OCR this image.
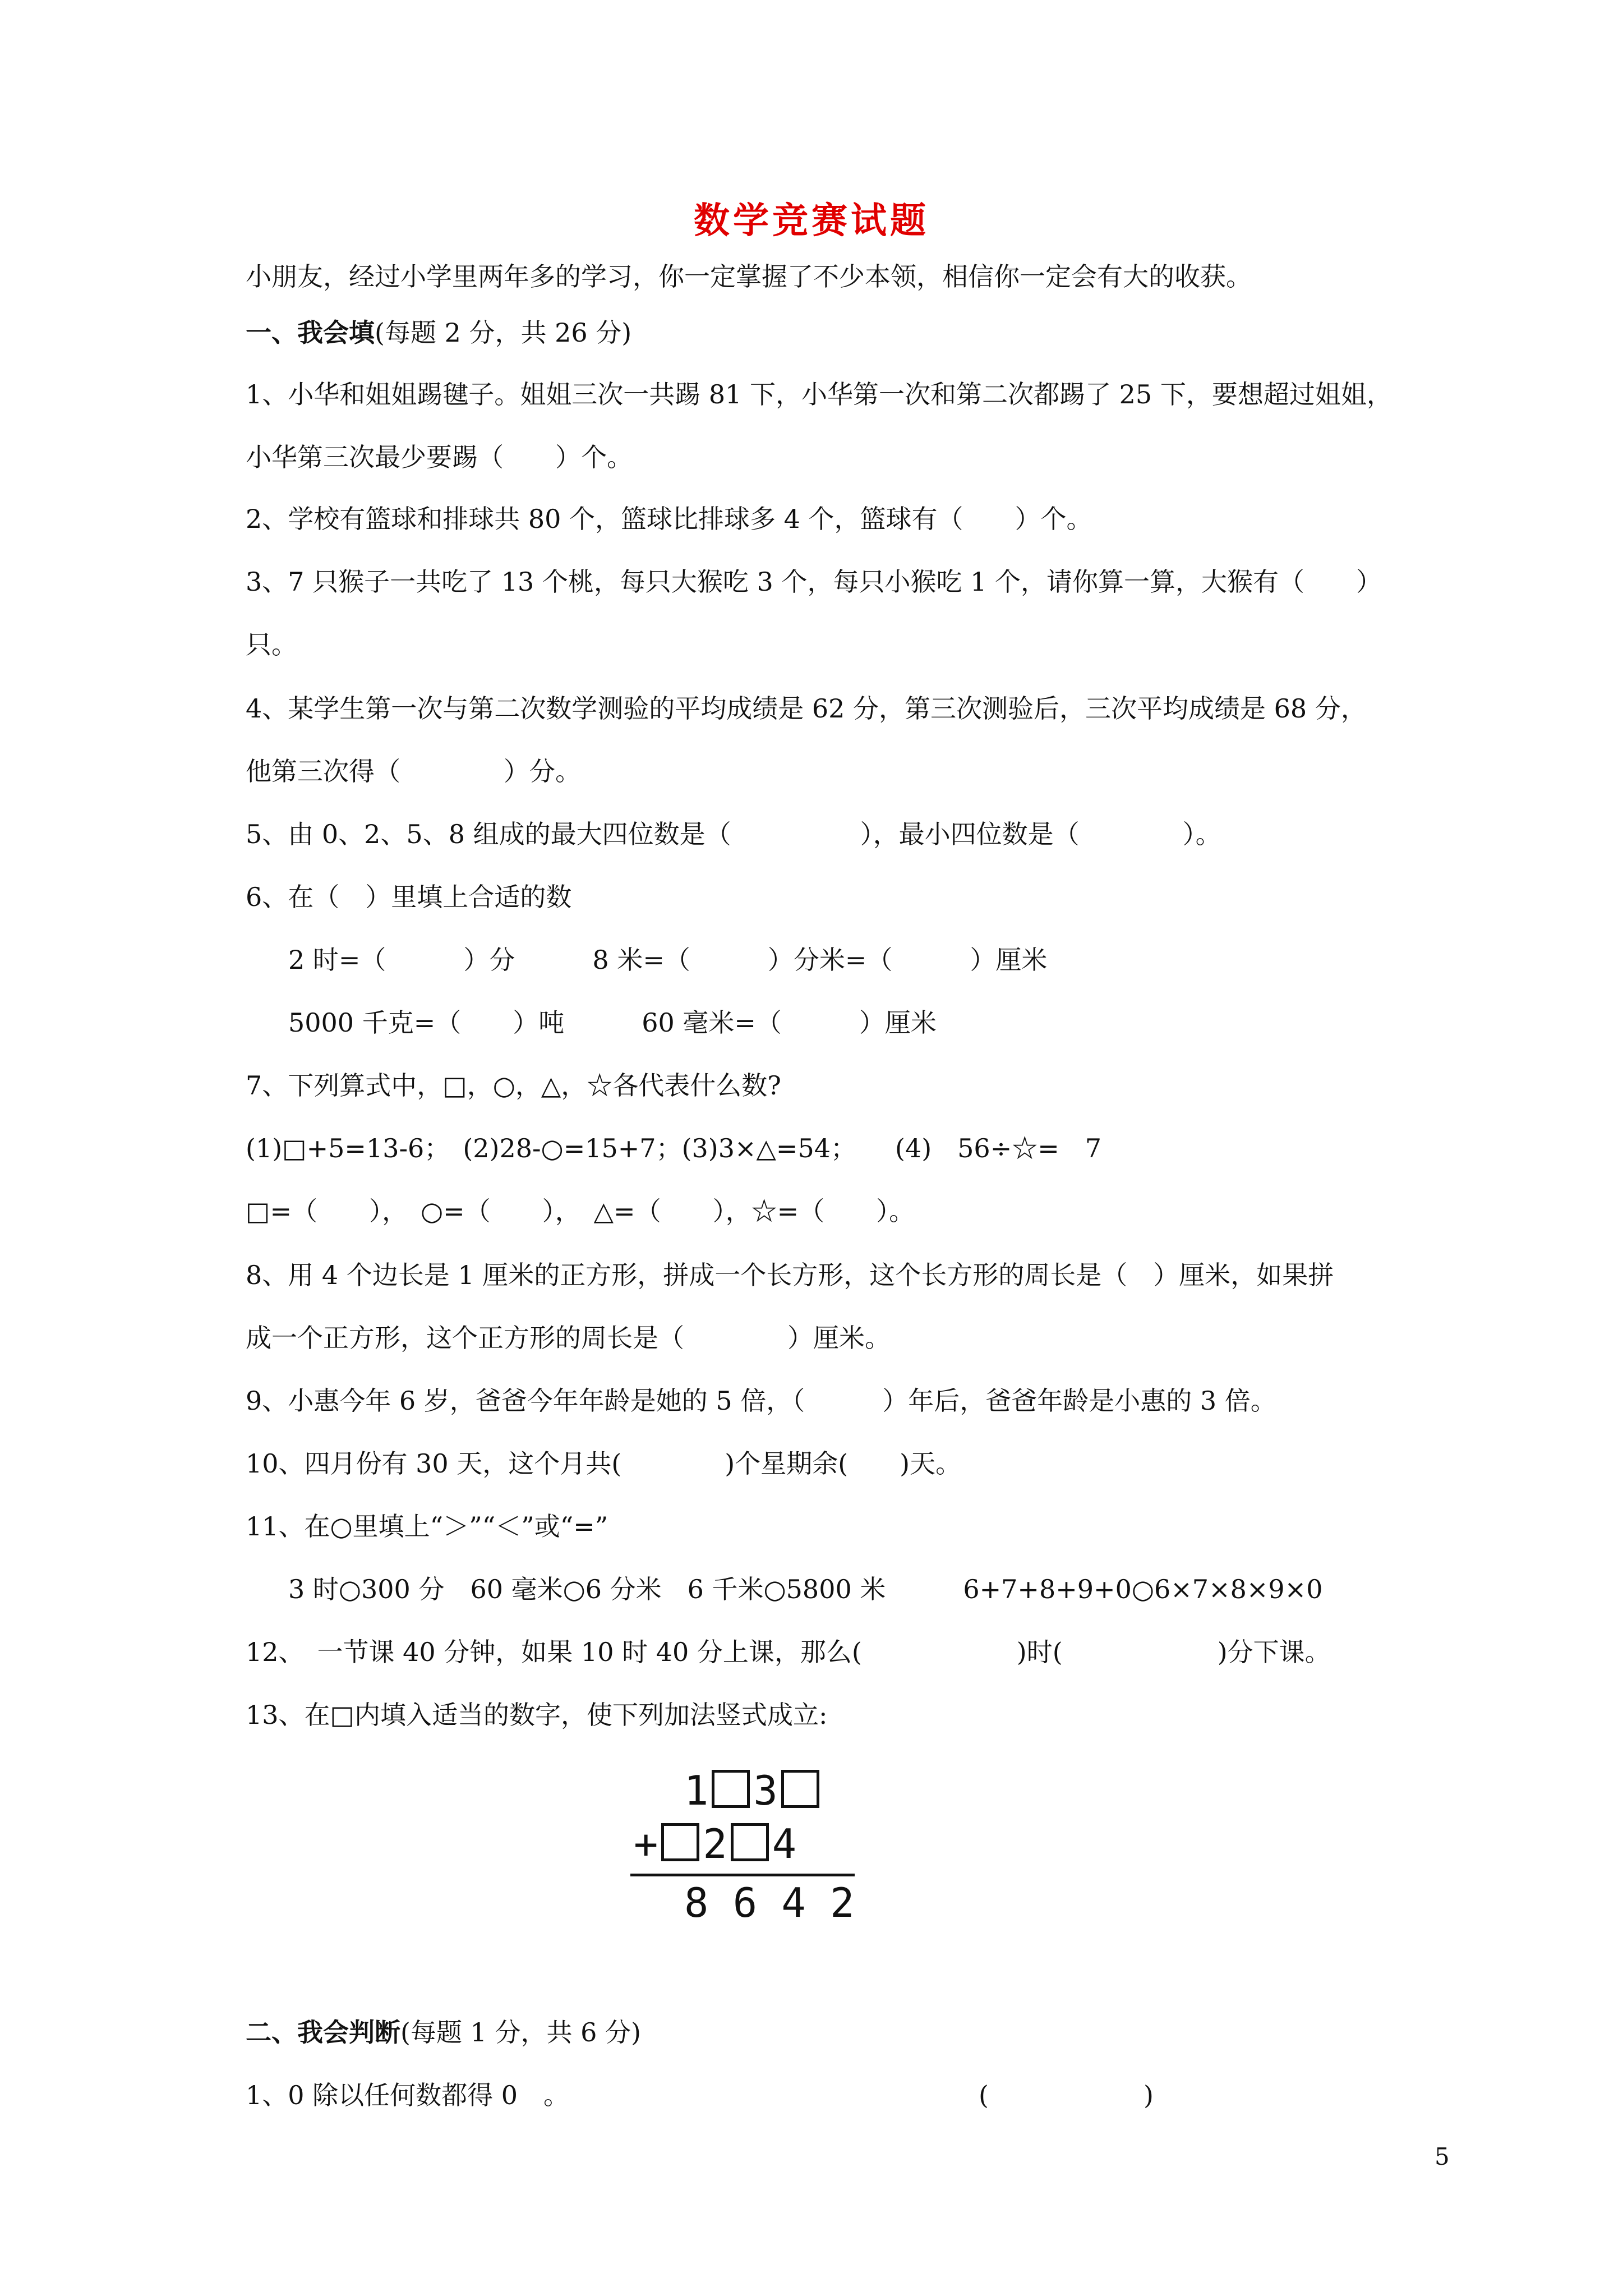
数学竞赛试题
小朋友，经过小学里两年多的学习，你一定掌握了不少本领，相信你一定会有大的收获。
一、我会填(每题 2 分，共 26 分)
1、小华和姐姐踢毽子。姐姐三次一共踢 81 下，小华第一次和第二次都踢了 25 下，要想超过姐姐，
小华第三次最少要踢（　　）个。
2、学校有篮球和排球共 80 个，篮球比排球多 4 个，篮球有（　　）个。
3、7 只猴子一共吃了 13 个桃，每只大猴吃 3 个，每只小猴吃 1 个，请你算一算，大猴有（　　）
只。
4、某学生第一次与第二次数学测验的平均成绩是 62 分，第三次测验后，三次平均成绩是 68 分，
他第三次得（　　　　）分。
5、由 0、2、5、8 组成的最大四位数是（　　　　　），最小四位数是（　　　　）。
6、在（　）里填上合适的数
2 时=（　　　）分　　　8 米=（　　　）分米=（　　　）厘米
5000 千克=（　　）吨　　　60 毫米=（　　　）厘米
7、下列算式中，□，○，△，☆各代表什么数?
(1)□+5=13-6；　(2)28-○=15+7；(3)3×△=54；　　(4)　56÷☆=　7
□=（　　），　○=（　　），　△=（　　），☆=（　　）。
8、用 4 个边长是 1 厘米的正方形，拼成一个长方形，这个长方形的周长是（　）厘米，如果拼
成一个正方形，这个正方形的周长是（　　　　）厘米。
9、小惠今年 6 岁，爸爸今年年龄是她的 5 倍，（　　　）年后，爸爸年龄是小惠的 3 倍。
10、四月份有 30 天，这个月共(　　　　)个星期余(　　)天。
11、在○里填上“＞”“＜”或“=”
3 时○300 分　60 毫米○6 分米　6 千米○5800 米　　　6+7+8+9+0○6×7×8×9×0
12、　一节课 40 分钟，如果 10 时 40 分上课，那么(　　　　　　)时(　　　　　　)分下课。
13、在□内填入适当的数字，使下列加法竖式成立:
1 3
+ 2 4
8 6 4 2
二、我会判断(每题 1 分，共 6 分)
1、0 除以任何数都得 0　。	(　　　　　　)
5
